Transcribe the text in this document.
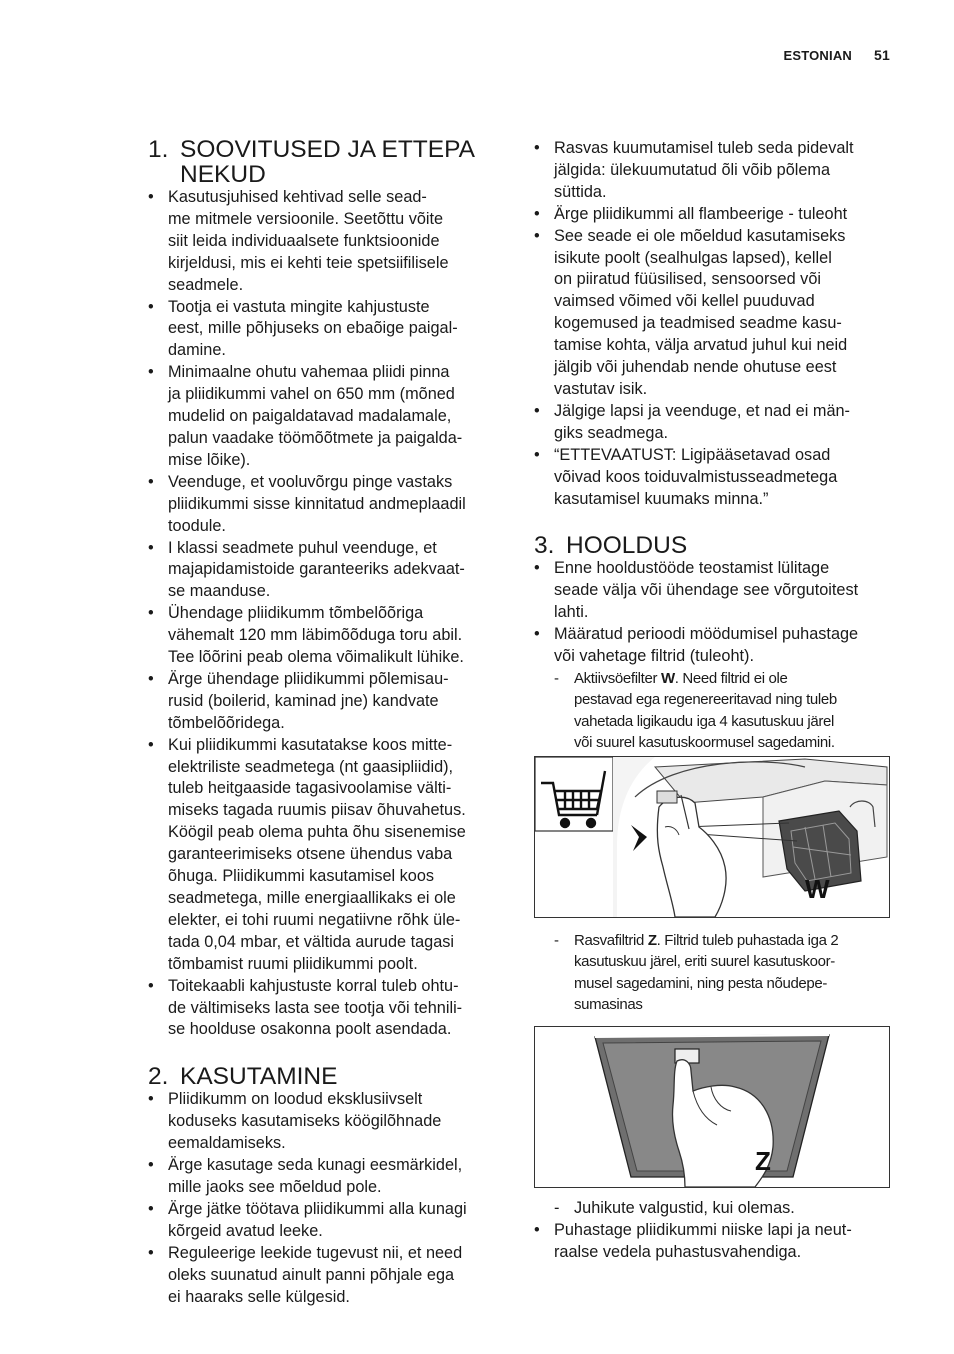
ESTONIAN 51
1. SOOVITUSED JA ETTEPA
NEKUD
• Kasutusjuhised kehtivad selle sead-
me mitmele versioonile. Seetõttu võite
siit leida individuaalsete funktsioonide
kirjeldusi, mis ei kehti teie spetsiifilisele
seadmele.
• Tootja ei vastuta mingite kahjustuste
eest, mille põhjuseks on ebaõige paigal-
damine.
• Minimaalne ohutu vahemaa pliidi pinna
ja pliidikummi vahel on 650 mm (mõned
mudelid on paigaldatavad madalamale,
palun vaadake töömõõtmete ja paigalda-
mise lõike).
• Veenduge, et vooluvõrgu pinge vastaks
pliidikummi sisse kinnitatud andmeplaadil
toodule.
• I klassi seadmete puhul veenduge, et
majapidamistoide garanteeriks adekvaat-
se maanduse.
• Ühendage pliidikumm tõmbelõõriga
vähemalt 120 mm läbimõõduga toru abil.
Tee lõõrini peab olema võimalikult lühike.
• Ärge ühendage pliidikummi põlemisau-
rusid (boilerid, kaminad jne) kandvate
tõmbelõõridega.
• Kui pliidikummi kasutatakse koos mitte-
elektriliste seadmetega (nt gaasipliidid),
tuleb heitgaaside tagasivoolamise välti-
miseks tagada ruumis piisav õhuvahetus.
Köögil peab olema puhta õhu sisenemise
garanteerimiseks otsene ühendus vaba
õhuga. Pliidikummi kasutamisel koos
seadmetega, mille energiaallikaks ei ole
elekter, ei tohi ruumi negatiivne rõhk üle-
tada 0,04 mbar, et vältida aurude tagasi
tõmbamist ruumi pliidikummi poolt.
• Toitekaabli kahjustuste korral tuleb ohtu-
de vältimiseks lasta see tootja või tehnili-
se hoolduse osakonna poolt asendada.
2. KASUTAMINE
• Pliidikumm on loodud eksklusiivselt
koduseks kasutamiseks köögilõhnade
eemaldamiseks.
• Ärge kasutage seda kunagi eesmärkidel,
mille jaoks see mõeldud pole.
• Ärge jätke töötava pliidikummi alla kunagi
kõrgeid avatud leeke.
• Reguleerige leekide tugevust nii, et need
oleks suunatud ainult panni põhjale ega
ei haaraks selle külgesid.
• Rasvas kuumutamisel tuleb seda pidevalt
jälgida: ülekuumutatud õli võib põlema
süttida.
• Ärge pliidikummi all flambeerige - tuleoht
• See seade ei ole mõeldud kasutamiseks
isikute poolt (sealhulgas lapsed), kellel
on piiratud füüsilised, sensoorsed või
vaimsed võimed või kellel puuduvad
kogemused ja teadmised seadme kasu-
tamise kohta, välja arvatud juhul kui neid
jälgib või juhendab nende ohutuse eest
vastutav isik.
• Jälgige lapsi ja veenduge, et nad ei män-
giks seadmega.
• “ETTEVAATUST: Ligipääsetavad osad
võivad koos toiduvalmistusseadmetega
kasutamisel kuumaks minna.”
3. HOOLDUS
• Enne hooldustööde teostamist lülitage
seade välja või ühendage see võrgutoitest
lahti.
• Määratud perioodi möödumisel puhastage
või vahetage filtrid (tuleoht).
- Aktiivsöefilter W. Need filtrid ei ole
pestavad ega regenereeritavad ning tuleb
vahetada ligikaudu iga 4 kasutuskuu järel
või suurel kasutuskoormusel sagedamini.
W
- Rasvafiltrid Z. Filtrid tuleb puhastada iga 2
kasutuskuu järel, eriti suurel kasutuskoor-
musel sagedamini, ning pesta nõudepe-
sumasinas
Z
- Juhikute valgustid, kui olemas.
• Puhastage pliidikummi niiske lapi ja neut-
raalse vedela puhastusvahendiga.
